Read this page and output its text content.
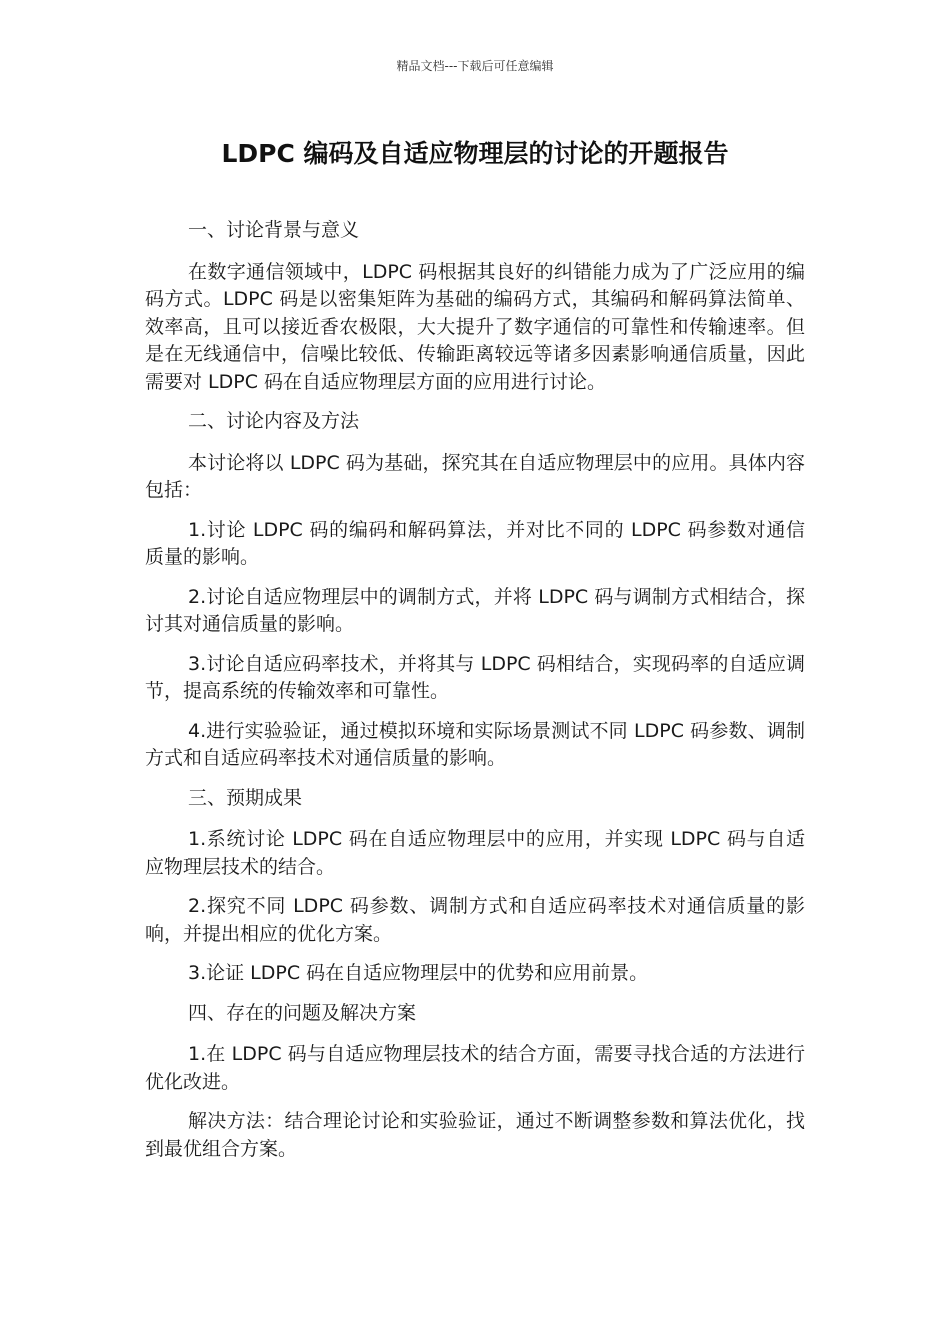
精品文档---下载后可任意编辑
LDPC 编码及自适应物理层的讨论的开题报告

一、讨论背景与意义

在数字通信领域中，LDPC 码根据其良好的纠错能力成为了广泛应用的编码方式。LDPC 码是以密集矩阵为基础的编码方式，其编码和解码算法简单、效率高，且可以接近香农极限，大大提升了数字通信的可靠性和传输速率。但是在无线通信中，信噪比较低、传输距离较远等诸多因素影响通信质量，因此需要对 LDPC 码在自适应物理层方面的应用进行讨论。

二、讨论内容及方法

本讨论将以 LDPC 码为基础，探究其在自适应物理层中的应用。具体内容包括：

1.讨论 LDPC 码的编码和解码算法，并对比不同的 LDPC 码参数对通信质量的影响。

2.讨论自适应物理层中的调制方式，并将 LDPC 码与调制方式相结合，探讨其对通信质量的影响。

3.讨论自适应码率技术，并将其与 LDPC 码相结合，实现码率的自适应调节，提高系统的传输效率和可靠性。

4.进行实验验证，通过模拟环境和实际场景测试不同 LDPC 码参数、调制方式和自适应码率技术对通信质量的影响。

三、预期成果

1.系统讨论 LDPC 码在自适应物理层中的应用，并实现 LDPC 码与自适应物理层技术的结合。

2.探究不同 LDPC 码参数、调制方式和自适应码率技术对通信质量的影响，并提出相应的优化方案。

3.论证 LDPC 码在自适应物理层中的优势和应用前景。

四、存在的问题及解决方案

1.在 LDPC 码与自适应物理层技术的结合方面，需要寻找合适的方法进行优化改进。

解决方法：结合理论讨论和实验验证，通过不断调整参数和算法优化，找到最优组合方案。
